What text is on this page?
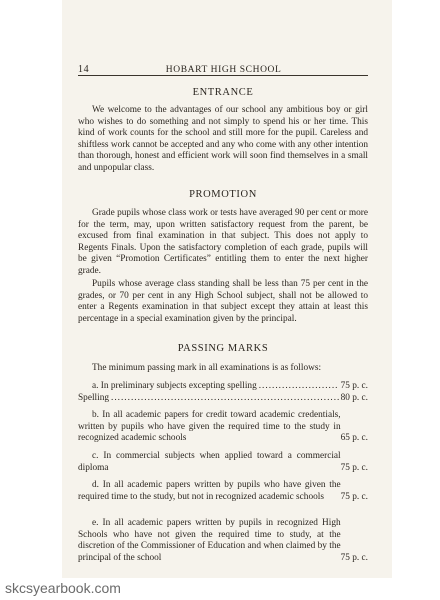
14	HOBART HIGH SCHOOL
ENTRANCE

We welcome to the advantages of our school any ambitious boy or girl who wishes to do something and not simply to spend his or her time. This kind of work counts for the school and still more for the pupil. Careless and shiftless work cannot be accepted and any who come with any other intention than thorough, honest and efficient work will soon find themselves in a small and unpopular class.

PROMOTION

Grade pupils whose class work or tests have averaged 90 per cent or more for the term, may, upon written satisfactory request from the parent, be excused from final examination in that subject. This does not apply to Regents Finals. Upon the satisfactory completion of each grade, pupils will be given “Promotion Certificates” entitling them to enter the next higher grade.

Pupils whose average class standing shall be less than 75 per cent in the grades, or 70 per cent in any High School subject, shall not be allowed to enter a Regents examination in that subject except they attain at least this percentage in a special examination given by the principal.

PASSING MARKS

The minimum passing mark in all examinations is as follows:

a. In preliminary subjects excepting spelling .....	75 p. c.
Spelling .....	80 p. c.
b. In all academic papers for credit toward academic credentials, written by pupils who have given the required time to the study in recognized academic schools	65 p. c.
c. In commercial subjects when applied toward a commercial diploma	75 p. c.
d. In all academic papers written by pupils who have given the required time to the study, but not in recognized academic schools	75 p. c.
e. In all academic papers written by pupils in recognized High Schools who have not given the required time to study, at the discretion of the Commissioner of Education and when claimed by the principal of the school	75 p. c.
skcsyearbook.com
